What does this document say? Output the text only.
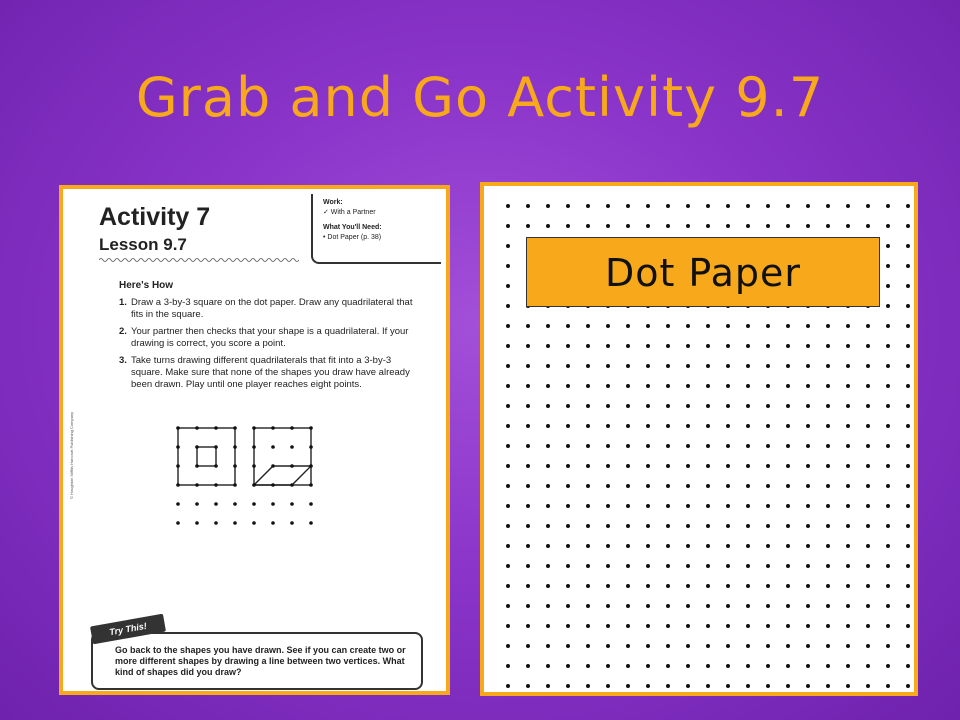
Grab and Go Activity 9.7
Activity 7
Lesson 9.7
Work:
✓ With a Partner
What You'll Need:
• Dot Paper (p. 38)
Here's How
1. Draw a 3-by-3 square on the dot paper. Draw any quadrilateral that fits in the square.
2. Your partner then checks that your shape is a quadrilateral. If your drawing is correct, you score a point.
3. Take turns drawing different quadrilaterals that fit into a 3-by-3 square. Make sure that none of the shapes you draw have already been drawn. Play until one player reaches eight points.
© Houghton Mifflin Harcourt Publishing Company
Go back to the shapes you have drawn. See if you can create two or more different shapes by drawing a line between two vertices. What kind of shapes did you draw?
Try This!
Dot Paper
